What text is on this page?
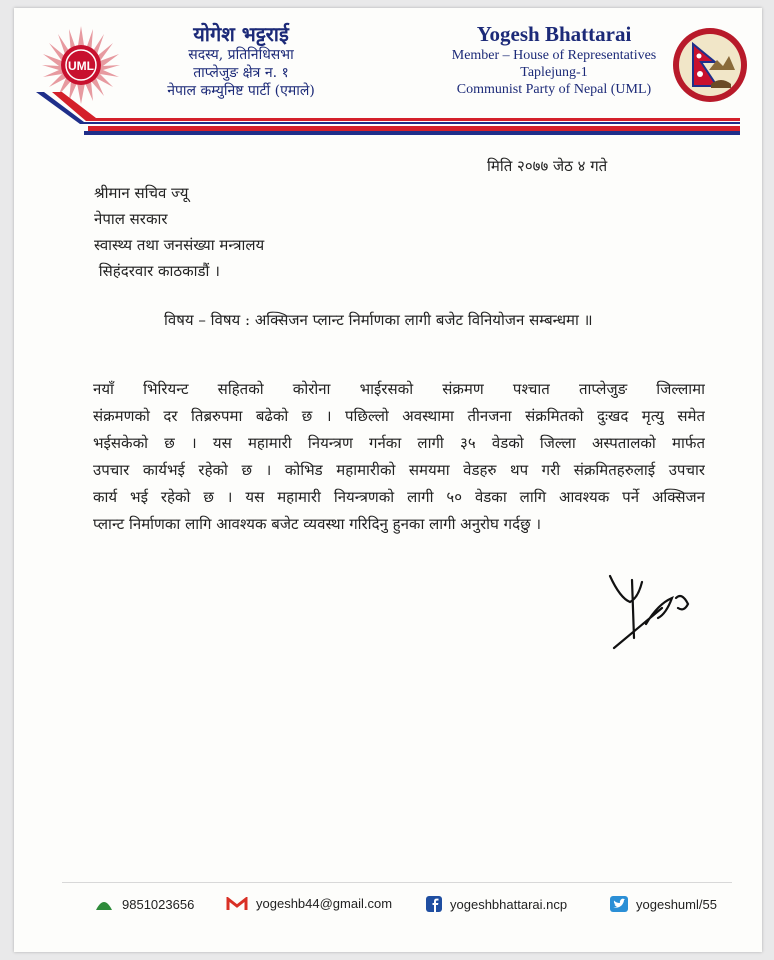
UML
योगेश भट्टराई
सदस्य, प्रतिनिधिसभा
ताप्लेजुङ क्षेत्र न. १
नेपाल कम्युनिष्ट पार्टी (एमाले)
Yogesh Bhattarai
Member – House of Representatives
Taplejung-1
Communist Party of Nepal (UML)
मिति २०७७ जेठ ४ गते
श्रीमान सचिव ज्यू
नेपाल सरकार
स्वास्थ्य तथा जनसंख्या मन्त्रालय
सिहंदरवार काठकाडौं ।
विषय – विषय : अक्सिजन प्लान्ट निर्माणका लागी बजेट विनियोजन सम्बन्धमा ॥
नयाँ भिरियन्ट सहितको कोरोना भाईरसको संक्रमण पश्चात ताप्लेजुङ जिल्लामा
संक्रमणको दर तिब्ररुपमा बढेको छ । पछिल्लो अवस्थामा तीनजना संक्रमितको दुःखद मृत्यु समेत
भईसकेको छ । यस महामारी नियन्त्रण गर्नका लागी ३५ वेडको जिल्ला अस्पतालको मार्फत
उपचार कार्यभई रहेको छ । कोभिड महामारीको समयमा वेडहरु थप गरी संक्रमितहरुलाई उपचार
कार्य भई रहेको छ । यस महामारी नियन्त्रणको लागी ५० वेडका लागि आवश्यक पर्ने अक्सिजन
प्लान्ट निर्माणका लागि आवश्यक बजेट व्यवस्था गरिदिनु हुनका लागी अनुरोघ गर्दछु ।
9851023656	yogeshb44@gmail.com	yogeshbhattarai.ncp	yogeshuml/55
